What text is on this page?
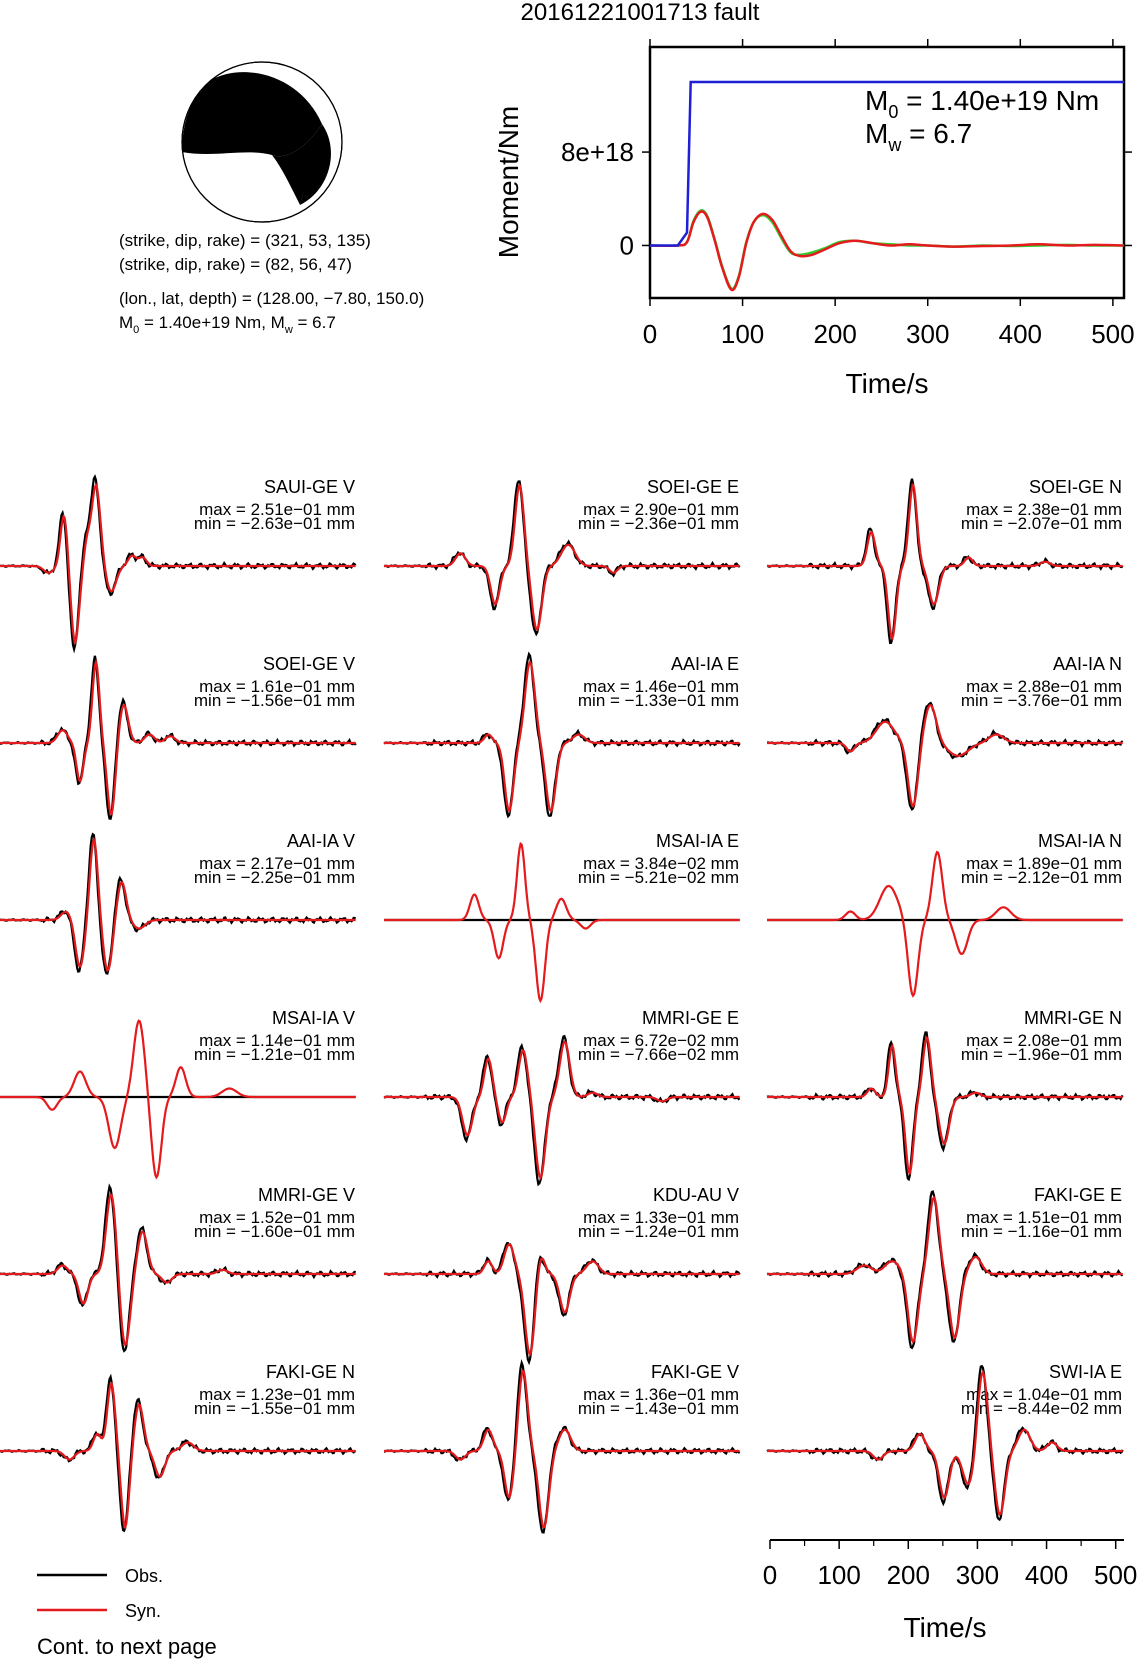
20161221001713 fault
(strike, dip, rake) = (321, 53, 135)
(strike, dip, rake) = (82, 56, 47)
(lon., lat, depth) = (128.00, −7.80, 150.0)
$M_0 = 1.40e+19$ Nm, $M_w = 6.7$	0 100 200 300 400 500
0
8e+18
$M_0 = 1.40e+19$ Nm
$M_w = 6.7$
Time/s
Moment/Nm
SAUI-GE V
max = 2.51e−01 mm
min = −2.63e−01 mm
SOEI-GE E
max = 2.90e−01 mm
min = −2.36e−01 mm
SOEI-GE N
max = 2.38e−01 mm
min = −2.07e−01 mm
SOEI-GE V
max = 1.61e−01 mm
min = −1.56e−01 mm
AAI-IA E
max = 1.46e−01 mm
min = −1.33e−01 mm
AAI-IA N
max = 2.88e−01 mm
min = −3.76e−01 mm
AAI-IA V
max = 2.17e−01 mm
min = −2.25e−01 mm
MSAI-IA E
max = 3.84e−02 mm
min = −5.21e−02 mm
MSAI-IA N
max = 1.89e−01 mm
min = −2.12e−01 mm
MSAI-IA V
max = 1.14e−01 mm
min = −1.21e−01 mm
MMRI-GE E
max = 6.72e−02 mm
min = −7.66e−02 mm
MMRI-GE N
max = 2.08e−01 mm
min = −1.96e−01 mm
MMRI-GE V
max = 1.52e−01 mm
min = −1.60e−01 mm
KDU-AU V
max = 1.33e−01 mm
min = −1.24e−01 mm
FAKI-GE E
max = 1.51e−01 mm
min = −1.16e−01 mm
FAKI-GE N
max = 1.23e−01 mm
min = −1.55e−01 mm
FAKI-GE V
max = 1.36e−01 mm
min = −1.43e−01 mm
SWI-IA E
max = 1.04e−01 mm
min = −8.44e−02 mm
0 100 200 300 400 500
Time/s
Obs.
Syn.
Cont. to next page
